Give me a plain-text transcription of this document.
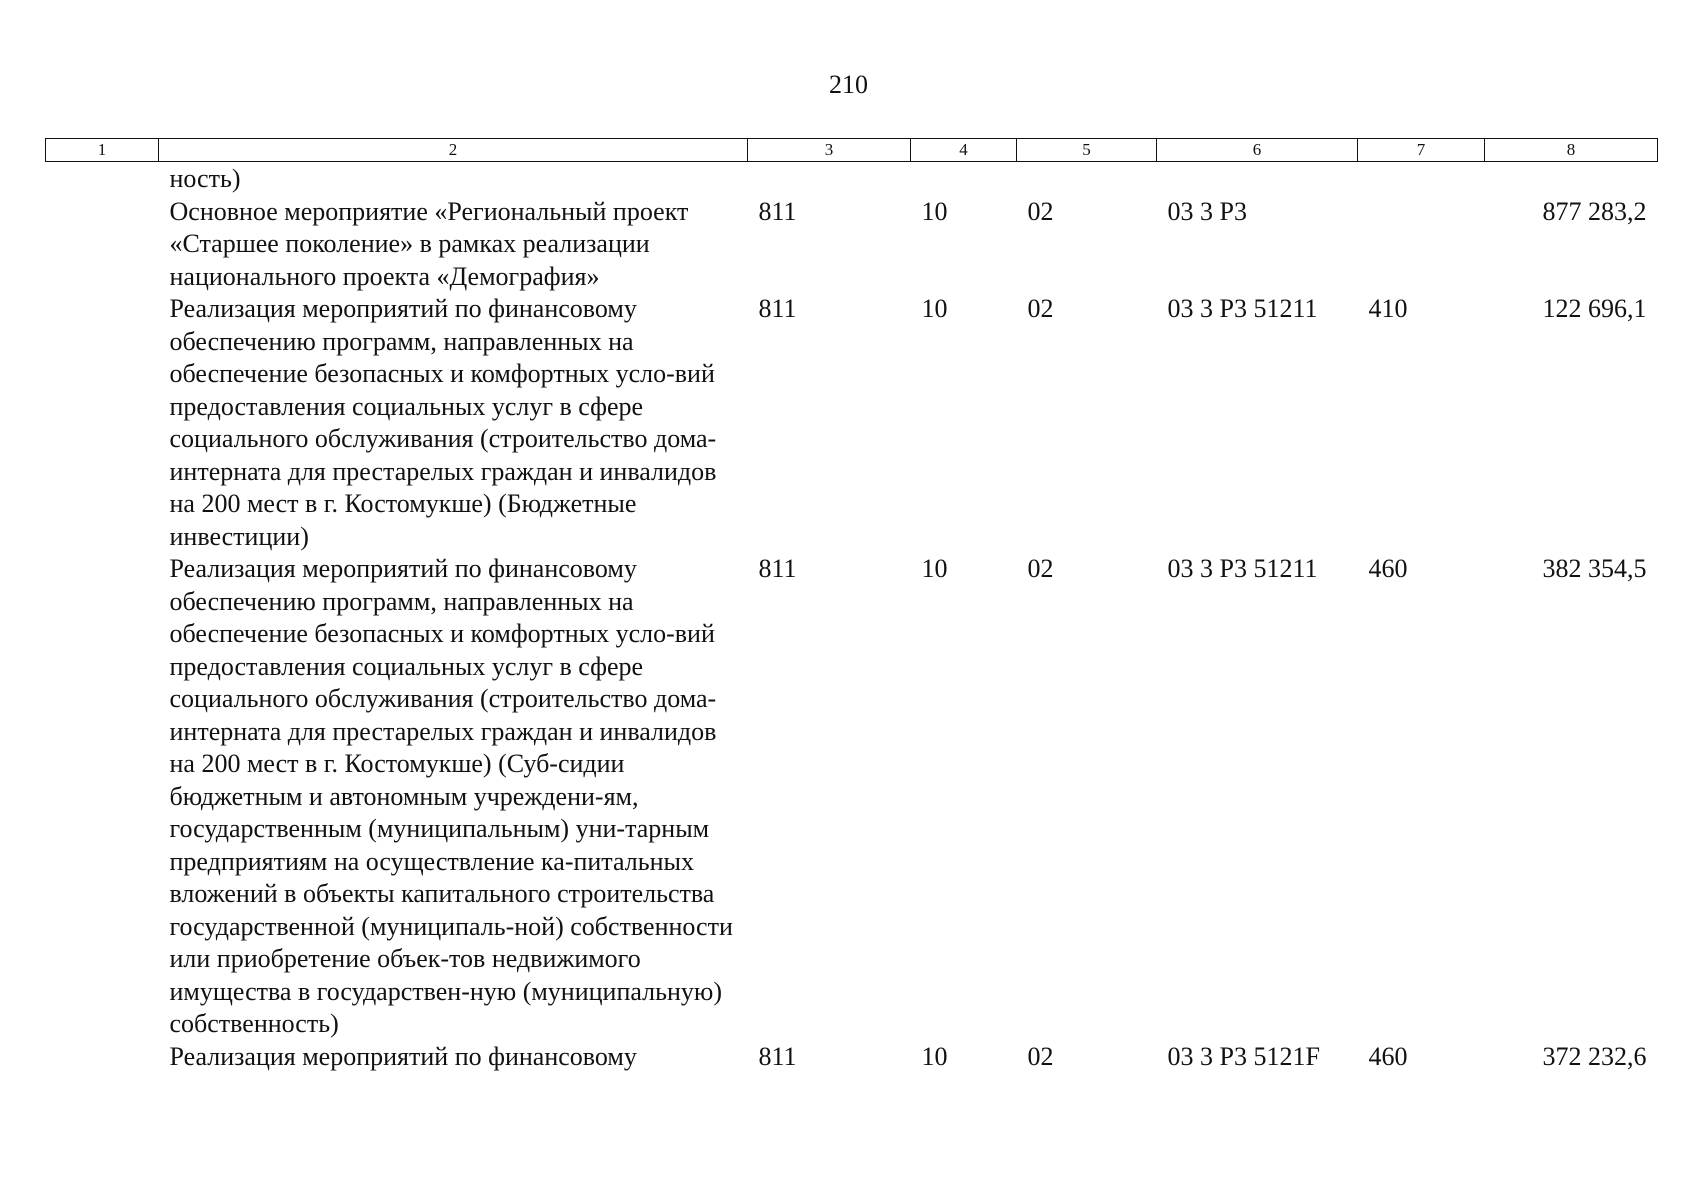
210
1	2	3	4	5	6	7	8
	ность)						
	Основное мероприятие «Региональный проект «Старшее поколение» в рамках реализации национального проекта «Демография»	811	10	02	03 3 P3		877 283,2
	Реализация мероприятий по финансовому обеспечению программ, направленных на обеспечение безопасных и комфортных усло-вий предоставления социальных услуг в сфере социального обслуживания (строительство дома-интерната для престарелых граждан и инвалидов на 200 мест в г. Костомукше) (Бюджетные инвестиции)	811	10	02	03 3 P3 51211	410	122 696,1
	Реализация мероприятий по финансовому обеспечению программ, направленных на обеспечение безопасных и комфортных усло-вий предоставления социальных услуг в сфере социального обслуживания (строительство дома-интерната для престарелых граждан и инвалидов на 200 мест в г. Костомукше) (Суб-сидии бюджетным и автономным учреждени-ям, государственным (муниципальным) уни-тарным предприятиям на осуществление ка-питальных вложений в объекты капитального строительства государственной (муниципаль-ной) собственности или приобретение объек-тов недвижимого имущества в государствен-ную (муниципальную) собственность)	811	10	02	03 3 P3 51211	460	382 354,5
	Реализация мероприятий по финансовому	811	10	02	03 3 P3 5121F	460	372 232,6
